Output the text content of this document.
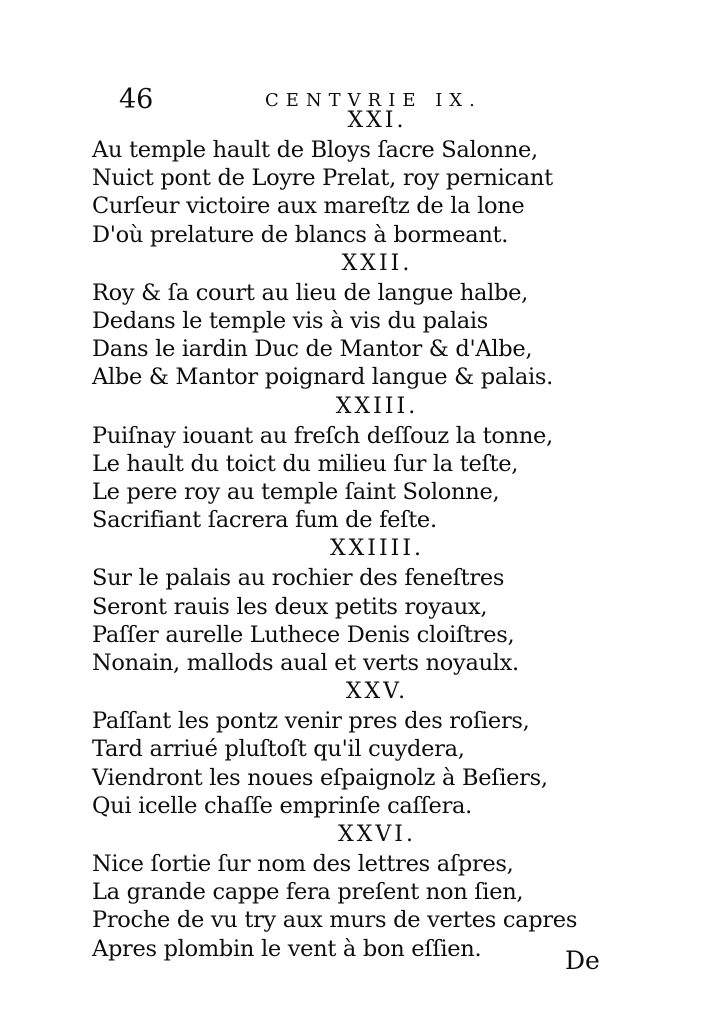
46	CENTVRIE IX.
XXI.
Au temple hault de Bloys ſacre Salonne,
Nuict pont de Loyre Prelat, roy pernicant
Curſeur victoire aux mareſtz de la lone
D'où prelature de blancs à bormeant.
XXII.
Roy & ſa court au lieu de langue halbe,
Dedans le temple vis à vis du palais
Dans le iardin Duc de Mantor & d'Albe,
Albe & Mantor poignard langue & palais.
XXIII.
Puiſnay iouant au freſch deſſouz la tonne,
Le hault du toict du milieu ſur la teſte,
Le pere roy au temple ſaint Solonne,
Sacrifiant ſacrera fum de feſte.
XXIIII.
Sur le palais au rochier des feneſtres
Seront rauis les deux petits royaux,
Paſſer aurelle Luthece Denis cloiſtres,
Nonain, mallods aual et verts noyaulx.
XXV.
Paſſant les pontz venir pres des roſiers,
Tard arriué pluſtoſt qu'il cuydera,
Viendront les noues eſpaignolz à Beſiers,
Qui icelle chaſſe emprinſe caſſera.
XXVI.
Nice ſortie ſur nom des lettres aſpres,
La grande cappe fera preſent non ſien,
Proche de vu try aux murs de vertes capres
Apres plombin le vent à bon eſſien.	De
